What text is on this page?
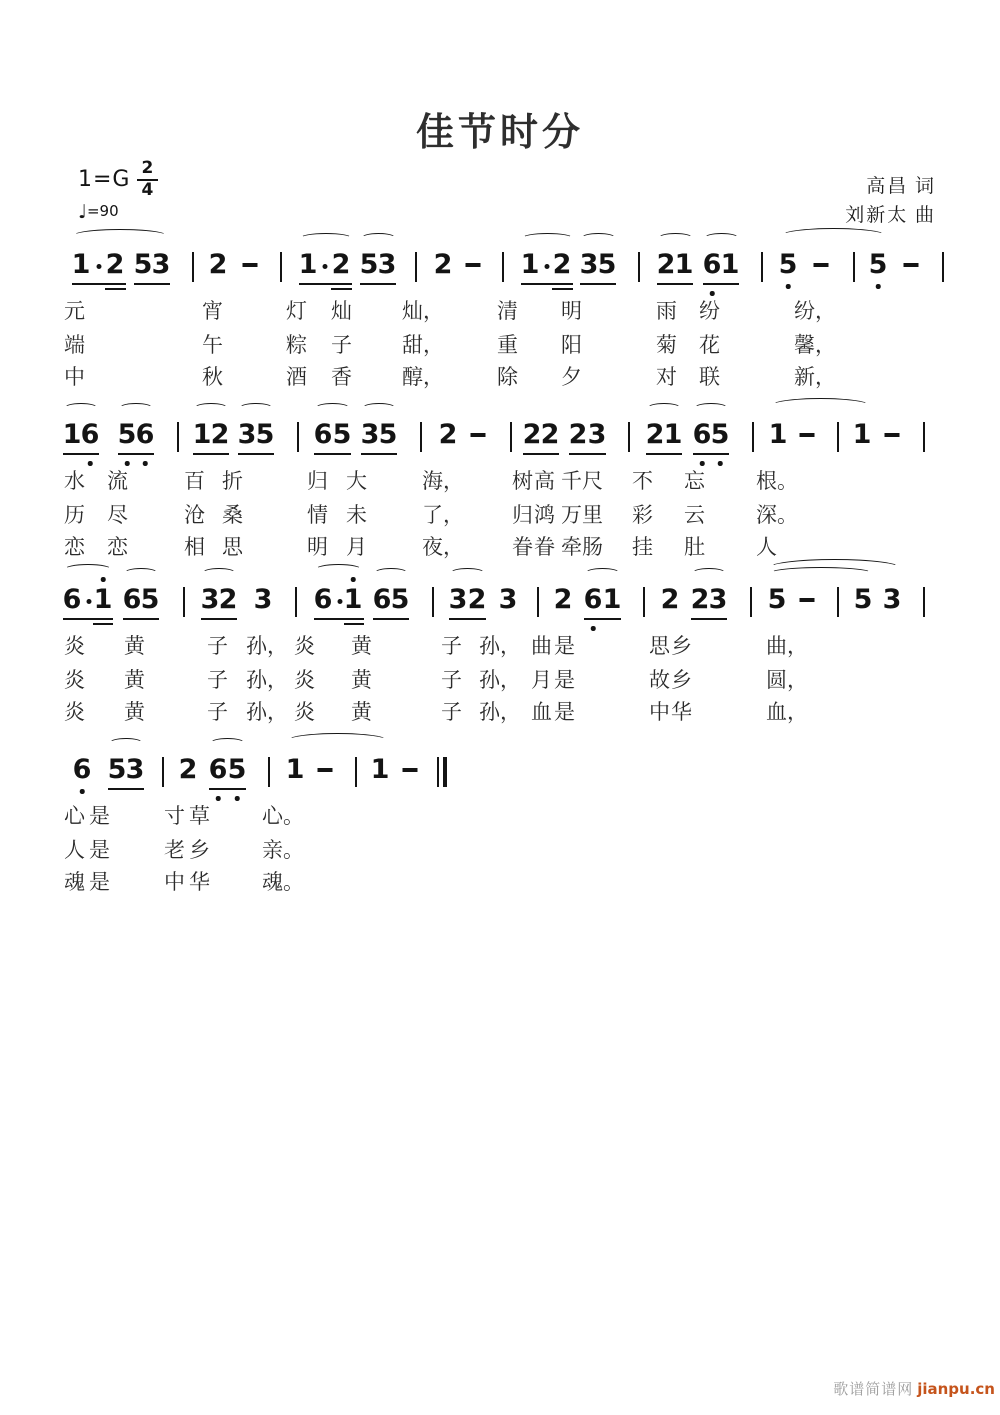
佳节时分
$1=G \frac{2}{4}$
♩=90
高昌 词
刘新太 曲
1 2 5 3 2	1 2 5 3 2	1 2 3 5 2 1 6 1 5	5
元	宵	灯 灿 灿，	清 明	雨 纷	纷，
端	午	粽 子 甜，	重 阳	菊 花	馨，
中	秋	酒 香 醇，	除 夕	对 联	新，
1 6 5 6 1 2 3 5 6 5 3 5 2 2 2 2 3 2 1 6 5 1 1
水 流	百 折	归 大	海， 树 高 千 尺 不 忘 根。
历 尽	沧 桑	情 未	了， 归 鸿 万 里 彩 云 深。
恋 恋	相 思	明 月	夜， 眷 眷 牵 肠 挂 肚 人
6 1 6 5 3 2 3 6 1 6 5 3 2 3 2 6 1 2 2 3 5 5 3
炎 黄	子 孙， 炎 黄	子 孙， 曲 是	思 乡	曲，
炎 黄	子 孙， 炎 黄	子 孙， 月 是	故 乡	圆，
炎 黄	子 孙， 炎 黄	子 孙， 血 是	中 华	血，
6 5 3 2 6 5 1 1
心 是	寸 草 心。
人 是	老 乡 亲。
魂 是	中 华 魂。
歌谱简谱网 jianpu.cn
